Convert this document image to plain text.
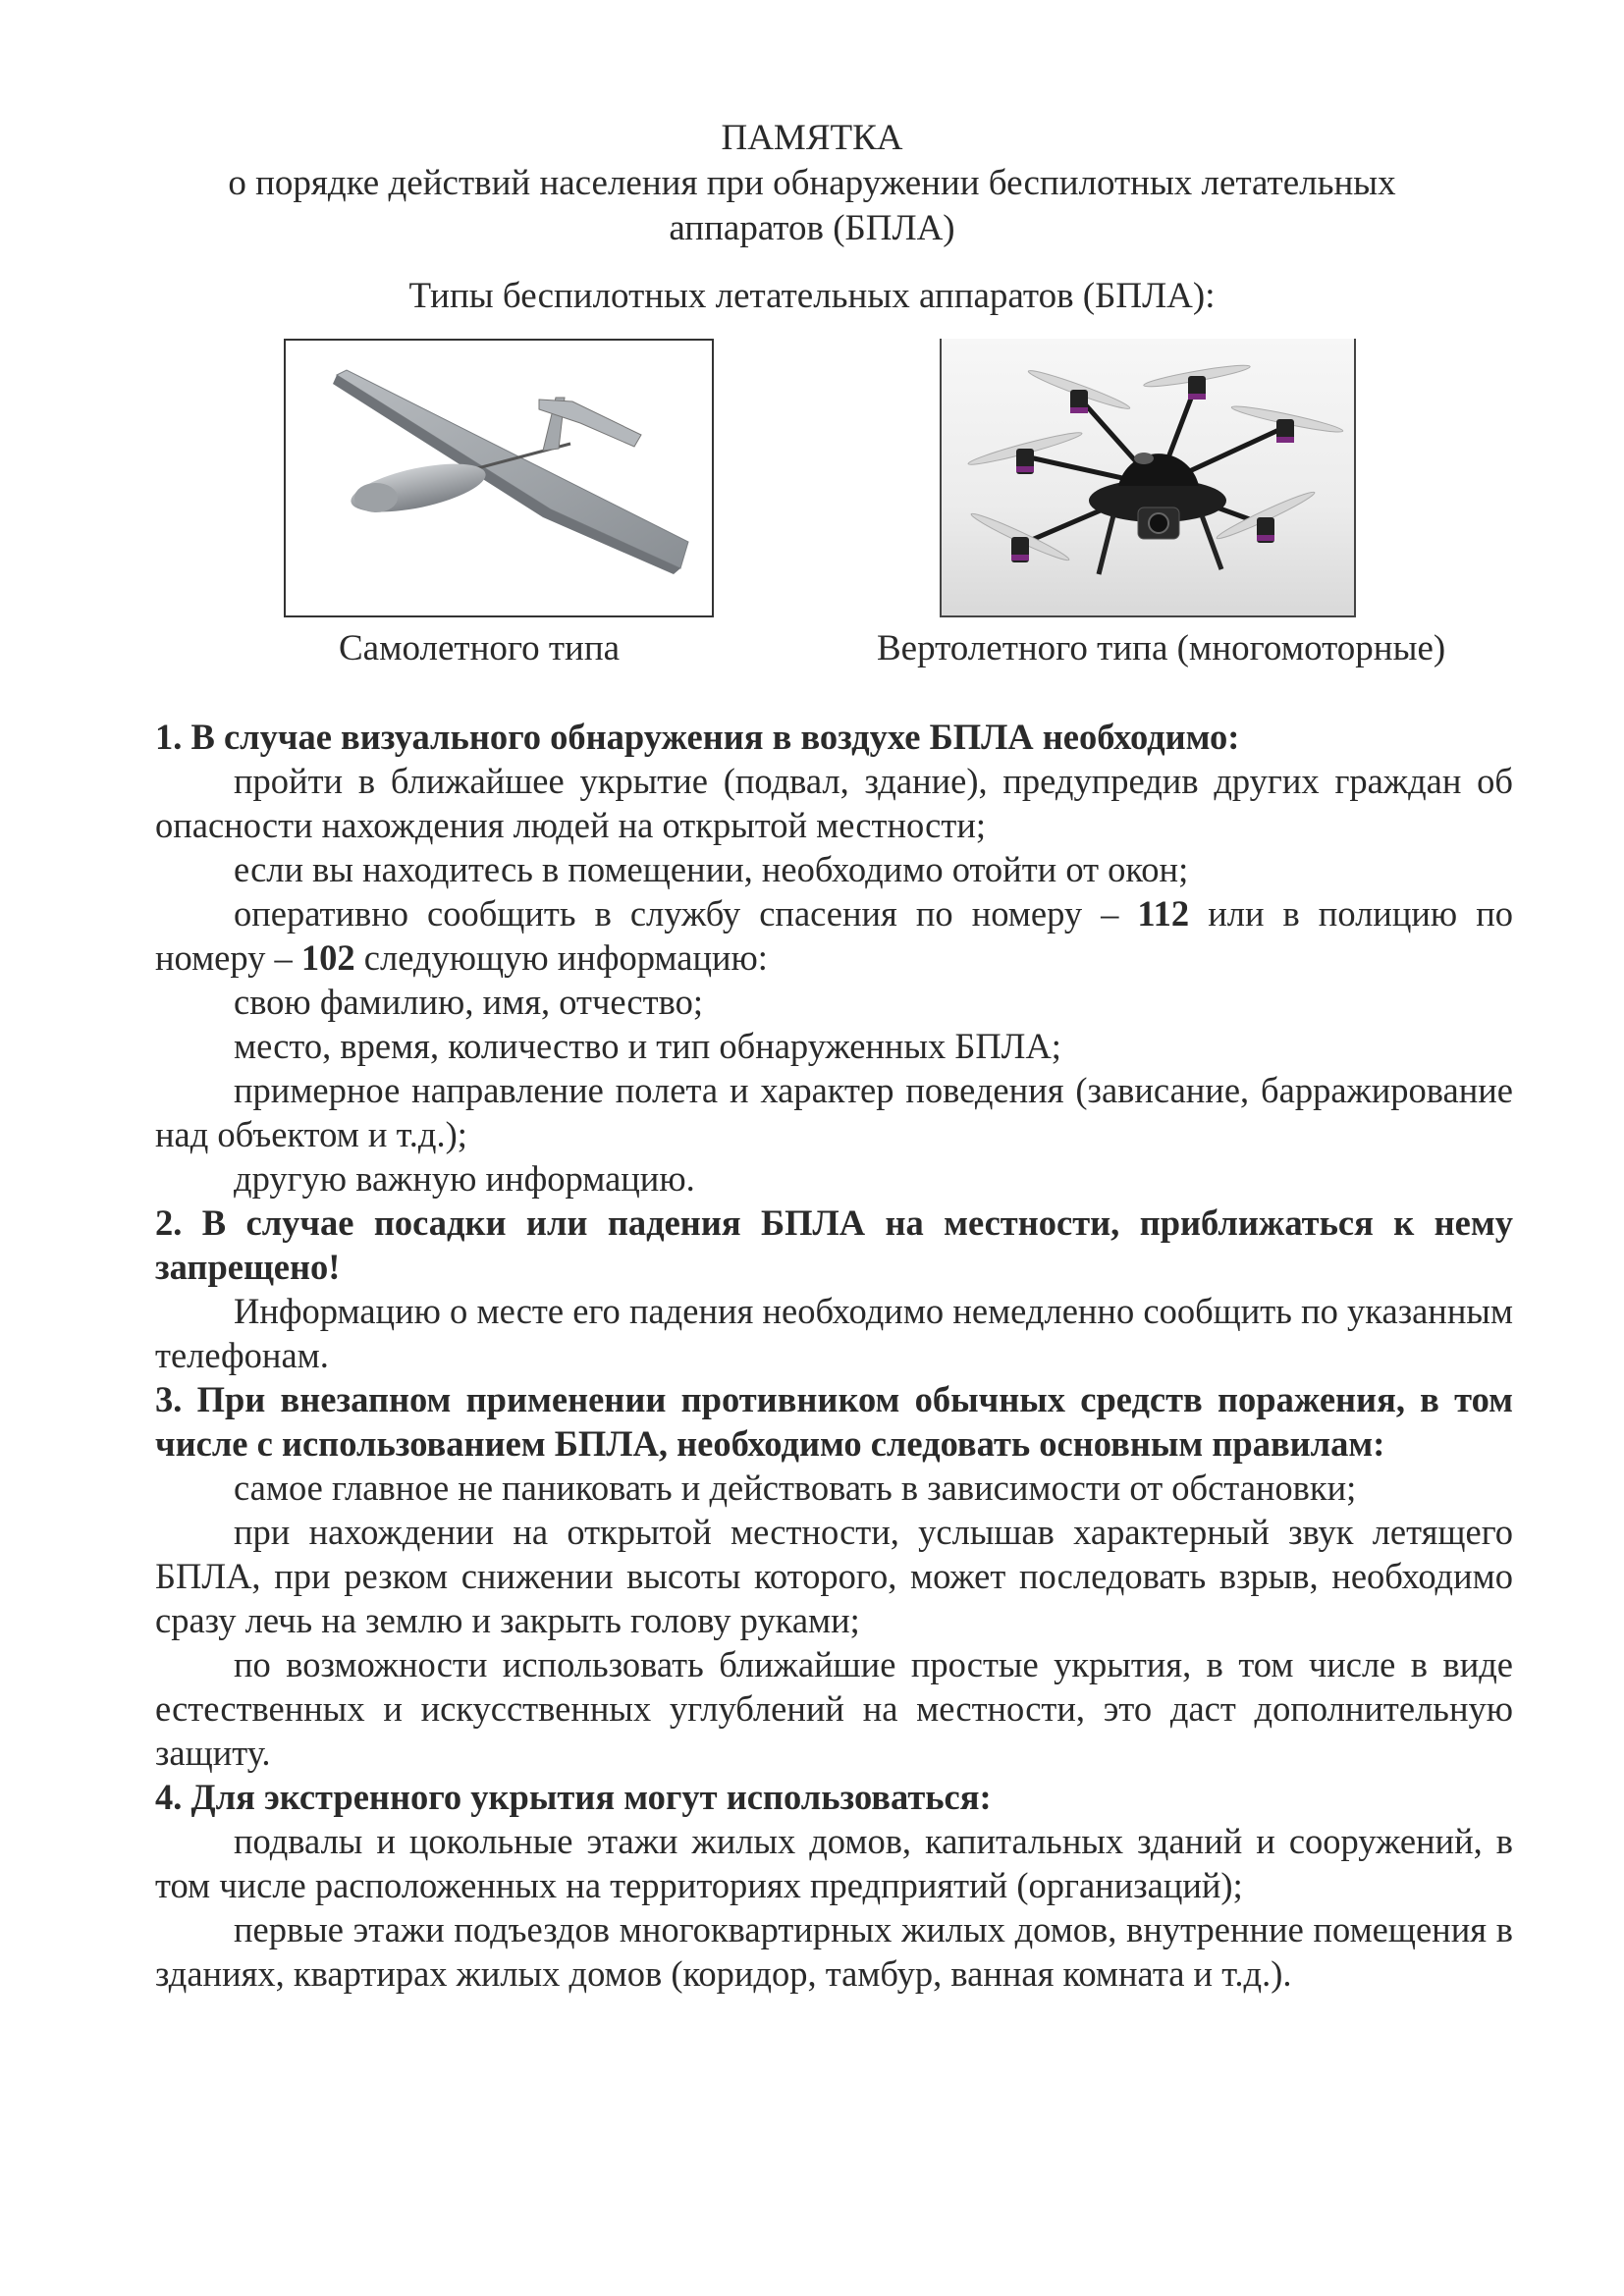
ПАМЯТКА
о порядке действий населения при обнаружении беспилотных летательных
аппаратов (БПЛА)
Типы беспилотных летательных аппаратов (БПЛА):
Самолетного типа	Вертолетного типа (многомоторные)

1. В случае визуального обнаружения в воздухе БПЛА необходимо:

пройти в ближайшее укрытие (подвал, здание), предупредив других граждан об опасности нахождения людей на открытой местности;

если вы находитесь в помещении, необходимо отойти от окон;

оперативно сообщить в службу спасения по номеру – 112 или в полицию по номеру – 102 следующую информацию:

свою фамилию, имя, отчество;

место, время, количество и тип обнаруженных БПЛА;

примерное направление полета и характер поведения (зависание, барражирование над объектом и т.д.);

другую важную информацию.

2. В случае посадки или падения БПЛА на местности, приближаться к нему запрещено!

Информацию о месте его падения необходимо немедленно сообщить по указанным телефонам.

3. При внезапном применении противником обычных средств поражения, в том числе с использованием БПЛА, необходимо следовать основным правилам:

самое главное не паниковать и действовать в зависимости от обстановки;

при нахождении на открытой местности, услышав характерный звук летящего БПЛА, при резком снижении высоты которого, может последовать взрыв, необходимо сразу лечь на землю и закрыть голову руками;

по возможности использовать ближайшие простые укрытия, в том числе в виде естественных и искусственных углублений на местности, это даст дополнительную защиту.

4. Для экстренного укрытия могут использоваться:

подвалы и цокольные этажи жилых домов, капитальных зданий и сооружений, в том числе расположенных на территориях предприятий (организаций);

первые этажи подъездов многоквартирных жилых домов, внутренние помещения в зданиях, квартирах жилых домов (коридор, тамбур, ванная комната и т.д.).
